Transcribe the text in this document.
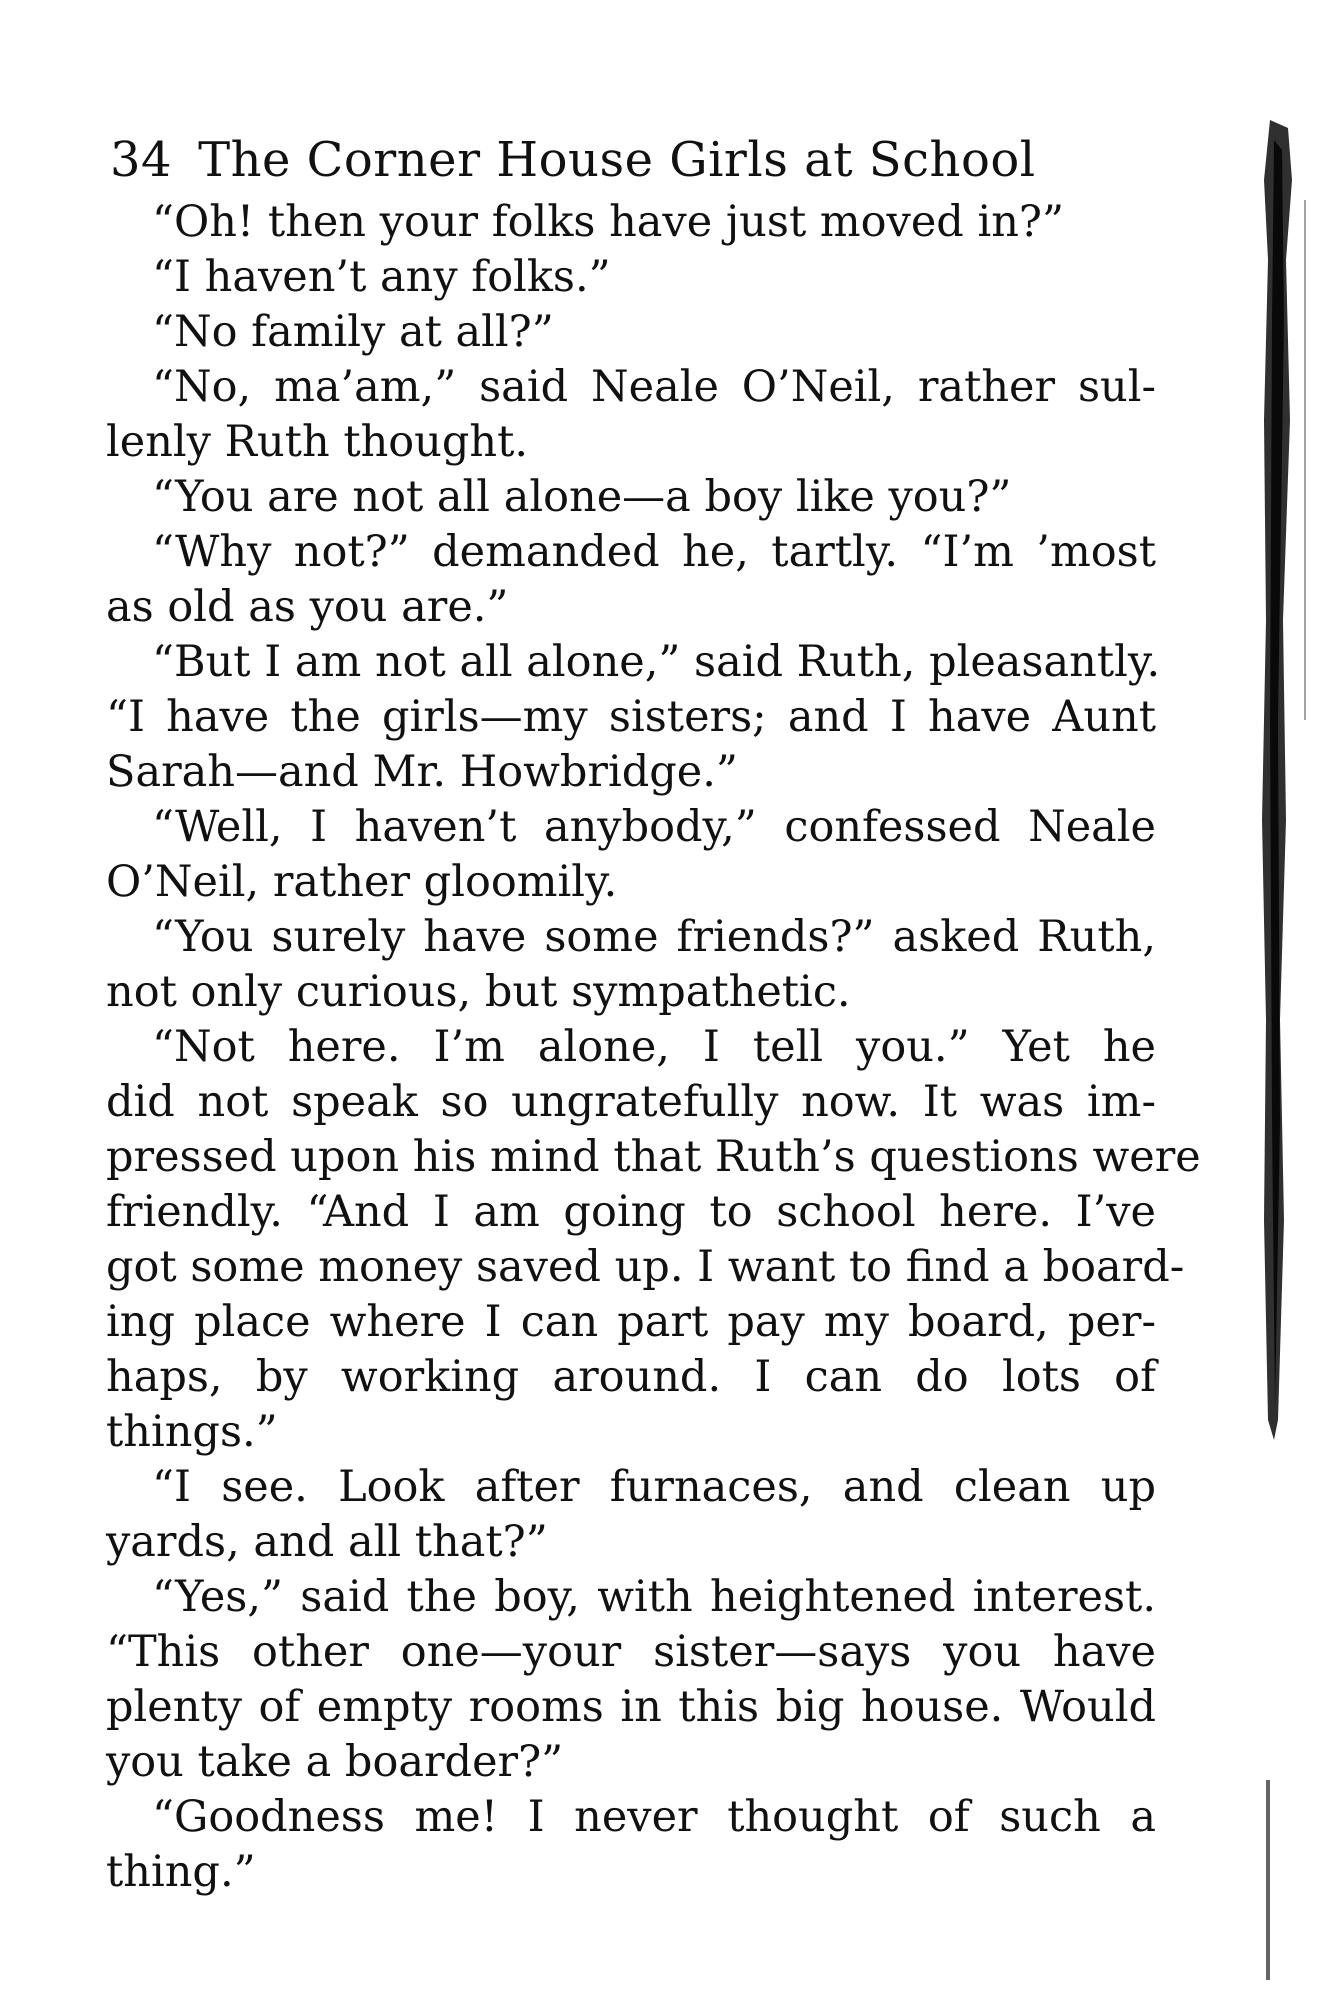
34 The Corner House Girls at School
“Oh! then your folks have just moved in?”
“I haven’t any folks.”
“No family at all?”
“No, ma’am,” said Neale O’Neil, rather sul-
lenly Ruth thought.
“You are not all alone—a boy like you?”
“Why not?” demanded he, tartly. “I’m ’most
as old as you are.”
“But I am not all alone,” said Ruth, pleasantly.
“I have the girls—my sisters; and I have Aunt
Sarah—and Mr. Howbridge.”
“Well, I haven’t anybody,” confessed Neale
O’Neil, rather gloomily.
“You surely have some friends?” asked Ruth,
not only curious, but sympathetic.
“Not here. I’m alone, I tell you.” Yet he
did not speak so ungratefully now. It was im-
pressed upon his mind that Ruth’s questions were
friendly. “And I am going to school here. I’ve
got some money saved up. I want to find a board-
ing place where I can part pay my board, per-
haps, by working around. I can do lots of
things.”
“I see. Look after furnaces, and clean up
yards, and all that?”
“Yes,” said the boy, with heightened interest.
“This other one—your sister—says you have
plenty of empty rooms in this big house. Would
you take a boarder?”
“Goodness me! I never thought of such a
thing.”
